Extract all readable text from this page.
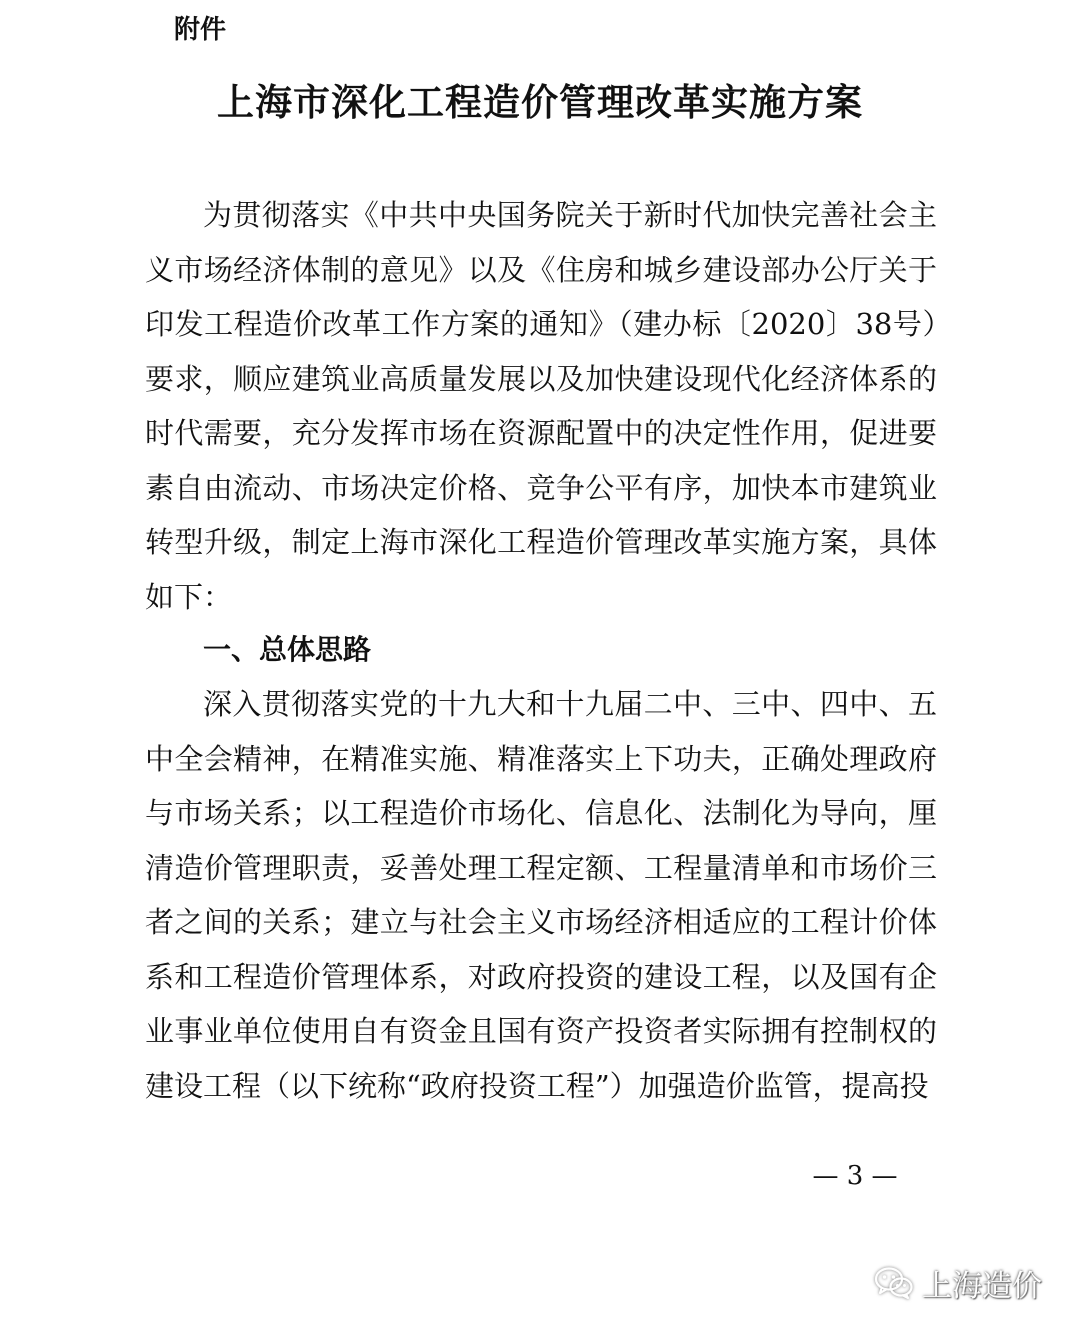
附件

上海市深化工程造价管理改革实施方案

为贯彻落实《中共中央国务院关于新时代加快完善社会主义市场经济体制的意见》以及《住房和城乡建设部办公厅关于印发工程造价改革工作方案的通知》（建办标〔2020〕38号）要求，顺应建筑业高质量发展以及加快建设现代化经济体系的时代需要，充分发挥市场在资源配置中的决定性作用，促进要素自由流动、市场决定价格、竞争公平有序，加快本市建筑业转型升级，制定上海市深化工程造价管理改革实施方案，具体如下：

一、总体思路

深入贯彻落实党的十九大和十九届二中、三中、四中、五中全会精神，在精准实施、精准落实上下功夫，正确处理政府与市场关系；以工程造价市场化、信息化、法制化为导向，厘清造价管理职责，妥善处理工程定额、工程量清单和市场价三者之间的关系；建立与社会主义市场经济相适应的工程计价体系和工程造价管理体系，对政府投资的建设工程，以及国有企业事业单位使用自有资金且国有资产投资者实际拥有控制权的建设工程（以下统称“政府投资工程”）加强造价监管，提高投

— 3 —
上海造价
